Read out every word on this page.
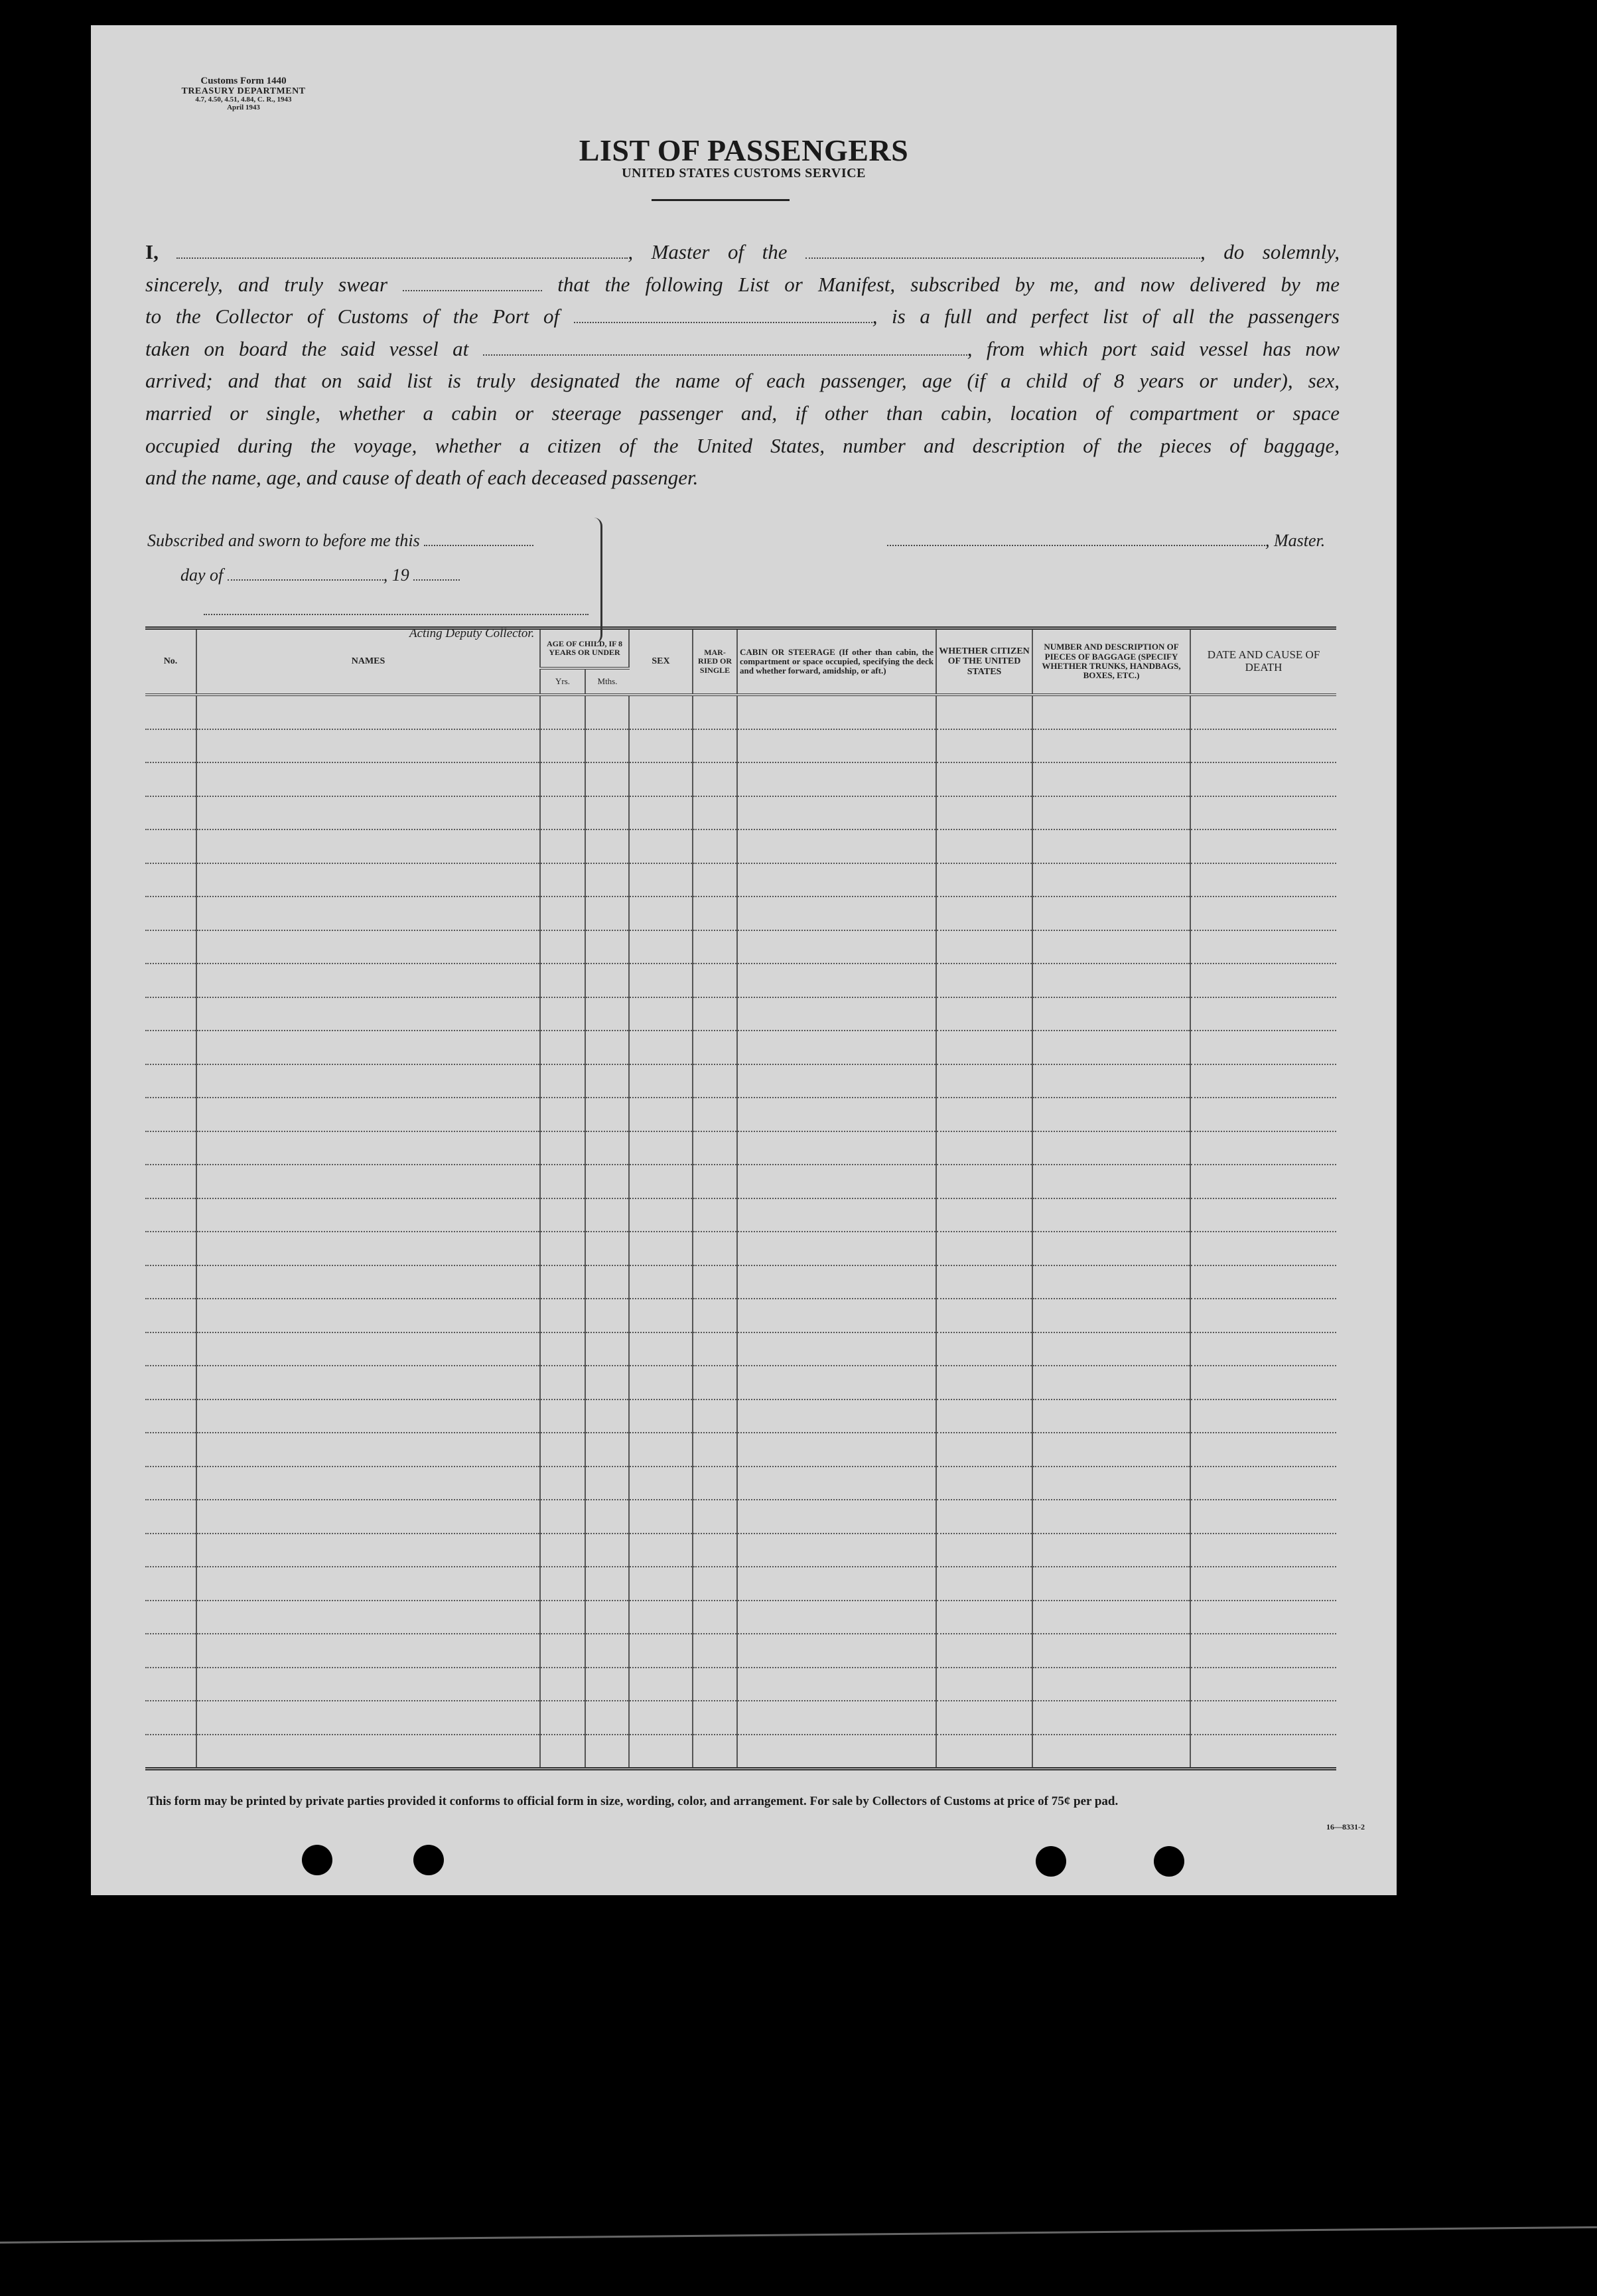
Customs Form 1440
TREASURY DEPARTMENT
4.7, 4.50, 4.51, 4.84, C. R., 1943
April 1943
LIST OF PASSENGERS
UNITED STATES CUSTOMS SERVICE
I,	, Master of the	, do solemnly,
sincerely, and truly swear	that the following List or Manifest, subscribed by me, and now delivered by me
to the Collector of Customs of the Port of	, is a full and perfect list of all the passengers
taken on board the said vessel at	, from which port said vessel has now
arrived; and that on said list is truly designated the name of each passenger, age (if a child of 8 years or under), sex,
married or single, whether a cabin or steerage passenger and, if other than cabin, location of compartment or space
occupied during the voyage, whether a citizen of the United States, number and description of the pieces of baggage,
and the name, age, and cause of death of each deceased passenger.
Subscribed and sworn to before me this
day of	, 19
Acting Deputy Collector.
, Master.
No.	NAMES	AGE OF CHILD, IF 8 YEARS OR UNDER		SEX	MAR-RIED OR SINGLE	CABIN OR STEERAGE (If other than cabin, the compartment or space occupied, specifying the deck and whether forward, amidship, or aft.)	WHETHER CITIZEN OF THE UNITED STATES	NUMBER AND DESCRIPTION OF PIECES OF BAGGAGE (SPECIFY WHETHER TRUNKS, HANDBAGS, BOXES, ETC.)	DATE AND CAUSE OF DEATH
		Yrs.	Mths.						

This form may be printed by private parties provided it conforms to official form in size, wording, color, and arrangement. For sale by Collectors of Customs at price of 75¢ per pad.
16—8331-2
